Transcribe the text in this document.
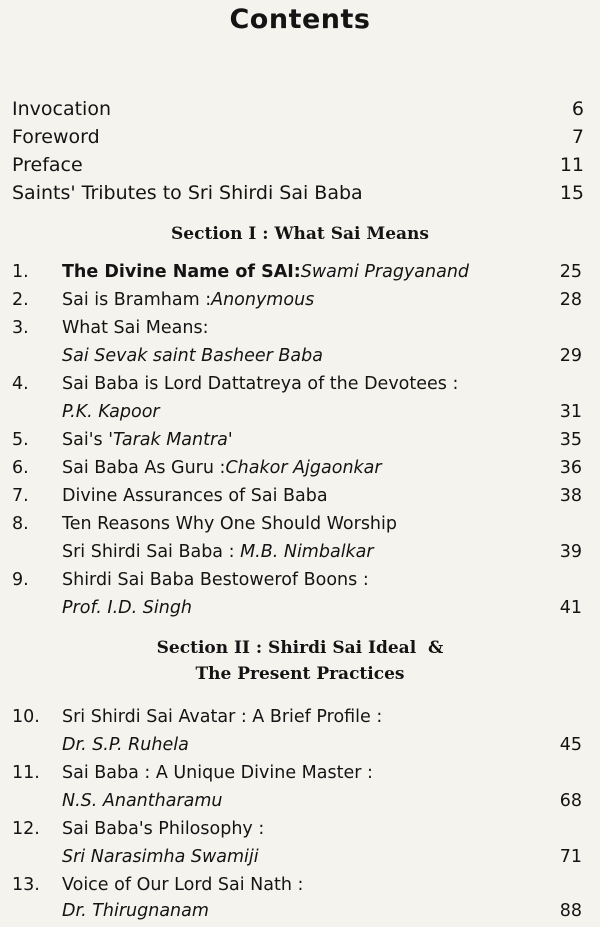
Contents
Invocation	6
Foreword	7
Preface	11
Saints' Tributes to Sri Shirdi Sai Baba	15
Section I : What Sai Means
1. The Divine Name of SAI:Swami Pragyanand	25
2. Sai is Bramham :Anonymous	28
3. What Sai Means:
Sai Sevak saint Basheer Baba	29
4. Sai Baba is Lord Dattatreya of the Devotees :
P.K. Kapoor	31
5. Sai's 'Tarak Mantra'	35
6. Sai Baba As Guru :Chakor Ajgaonkar	36
7. Divine Assurances of Sai Baba	38
8. Ten Reasons Why One Should Worship
Sri Shirdi Sai Baba : M.B. Nimbalkar	39
9. Shirdi Sai Baba Bestowerof Boons :
Prof. I.D. Singh	41
Section II : Shirdi Sai Ideal  &
The Present Practices
10. Sri Shirdi Sai Avatar : A Brief Profile :
Dr. S.P. Ruhela	45
11. Sai Baba : A Unique Divine Master :
N.S. Anantharamu	68
12. Sai Baba's Philosophy :
Sri Narasimha Swamiji	71
13. Voice of Our Lord Sai Nath :
Dr. Thirugnanam	88
